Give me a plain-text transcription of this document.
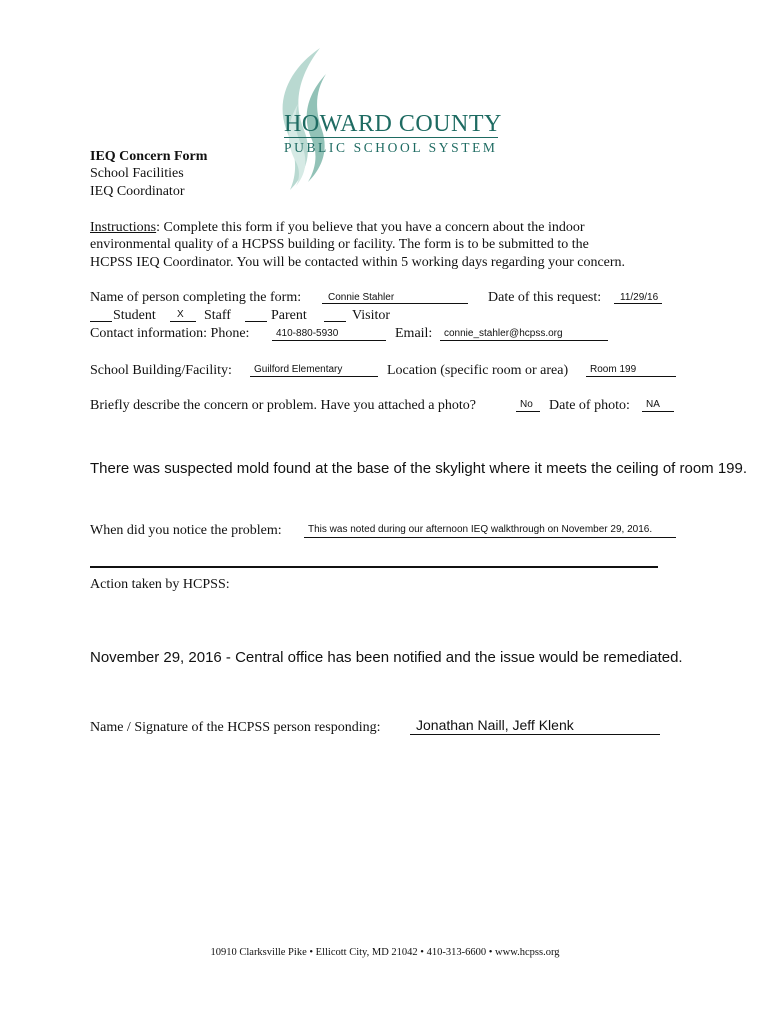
HOWARD COUNTY
PUBLIC SCHOOL SYSTEM
IEQ Concern Form
School Facilities
IEQ Coordinator
Instructions: Complete this form if you believe that you have a concern about the indoor
environmental quality of a HCPSS building or facility. The form is to be submitted to the
HCPSS IEQ Coordinator. You will be contacted within 5 working days regarding your concern.
Name of person completing the form:	Connie Stahler	Date of this request: 11/29/16
Student X Staff	Parent	Visitor
Contact information: Phone:	410-880-5930	Email: connie_stahler@hcpss.org
School Building/Facility: Guilford Elementary	Location (specific room or area) Room 199
Briefly describe the concern or problem. Have you attached a photo?	No Date of photo: NA
There was suspected mold found at the base of the skylight where it meets the ceiling of room 199.
When did you notice the problem:	This was noted during our afternoon IEQ walkthrough on November 29, 2016.
Action taken by HCPSS:
November 29, 2016 - Central office has been notified and the issue would be remediated.
Name / Signature of the HCPSS person responding:	Jonathan Naill, Jeff Klenk
10910 Clarksville Pike • Ellicott City, MD 21042 • 410-313-6600 • www.hcpss.org
